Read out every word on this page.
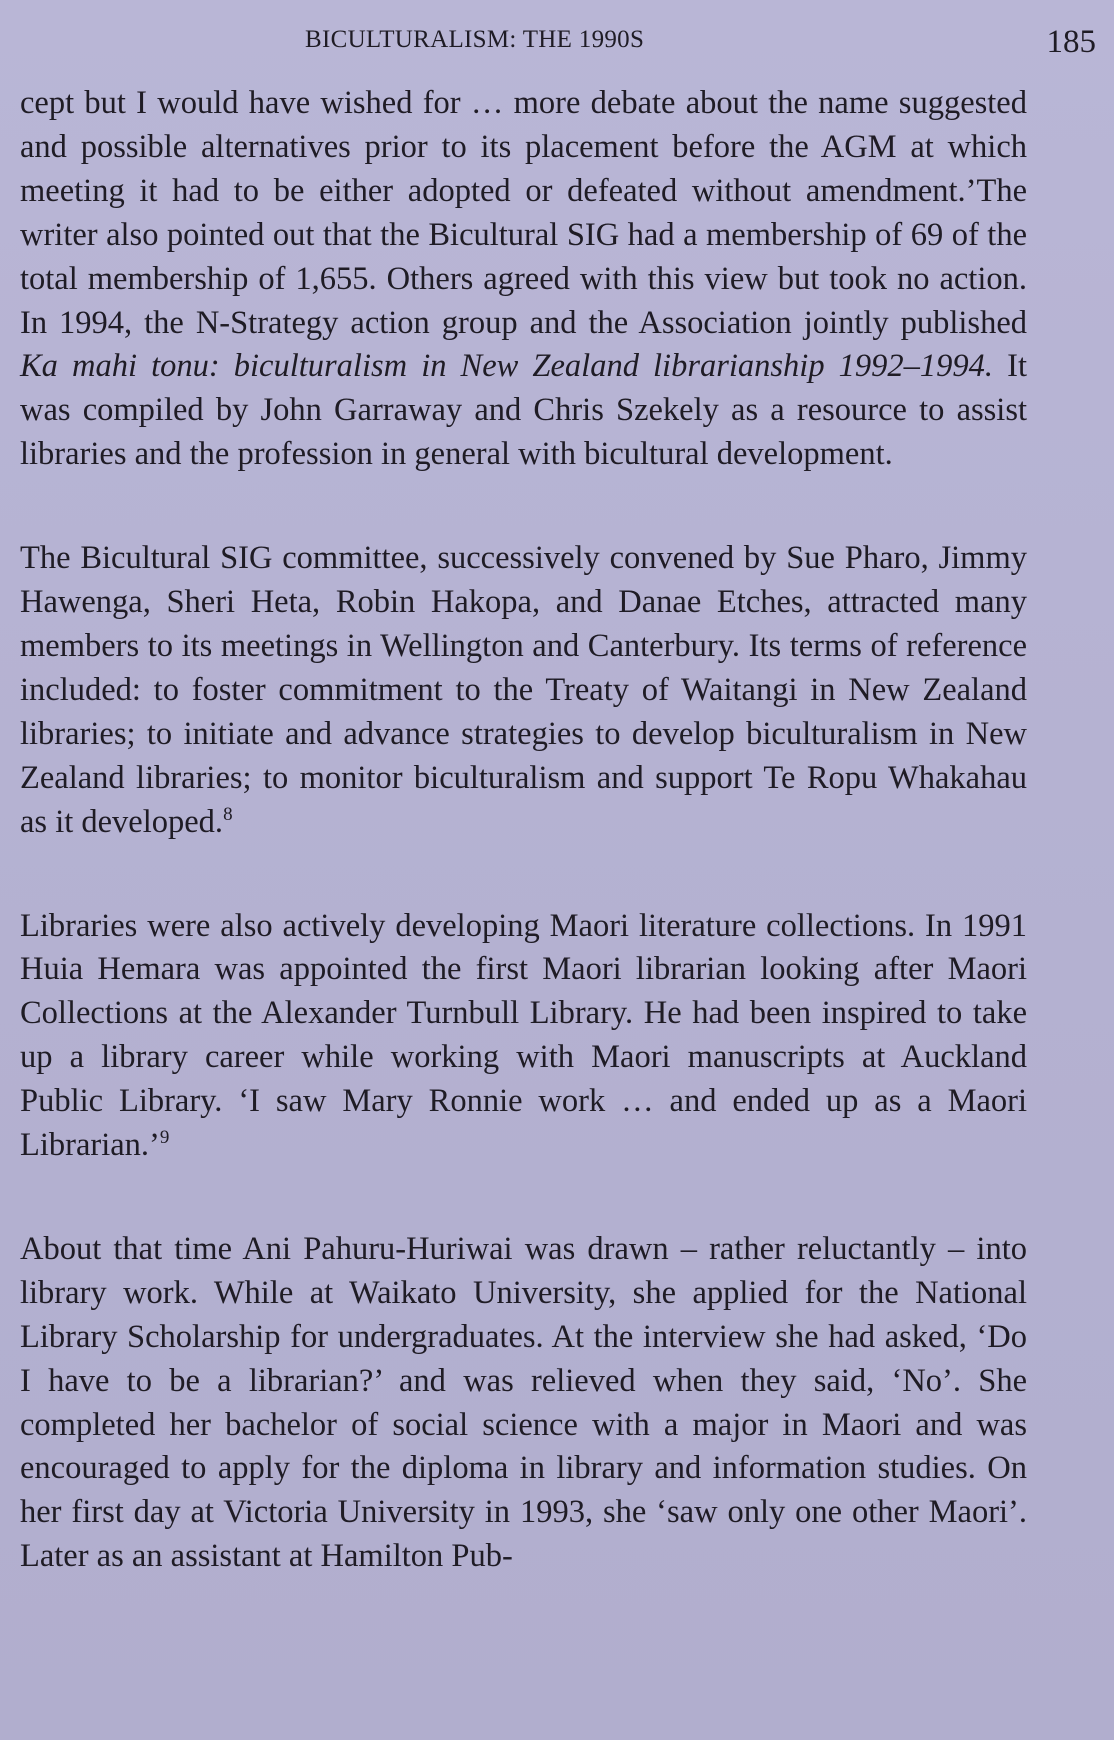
BICULTURALISM: THE 1990S	185

cept but I would have wished for … more debate about the name suggested and possible alternatives prior to its placement before the AGM at which meeting it had to be either adopted or defeated without amendment.’The writer also pointed out that the Bicultural SIG had a membership of 69 of the total membership of 1,655. Others agreed with this view but took no action. In 1994, the N-Strategy action group and the Association jointly published Ka mahi tonu: biculturalism in New Zealand librarianship 1992–1994. It was compiled by John Garraway and Chris Szekely as a resource to assist libraries and the profession in general with bicultural development.

The Bicultural SIG committee, successively convened by Sue Pharo, Jimmy Hawenga, Sheri Heta, Robin Hakopa, and Danae Etches, attracted many members to its meetings in Wellington and Canterbury. Its terms of reference included: to foster commitment to the Treaty of Waitangi in New Zealand libraries; to initiate and advance strategies to develop biculturalism in New Zealand libraries; to monitor biculturalism and support Te Ropu Whakahau as it developed.$^8$

Libraries were also actively developing Maori literature collections. In 1991 Huia Hemara was appointed the first Maori librarian looking after Maori Collections at the Alexander Turnbull Library. He had been inspired to take up a library career while working with Maori manuscripts at Auckland Public Library. ‘I saw Mary Ronnie work … and ended up as a Maori Librarian.’$^9$

About that time Ani Pahuru-Huriwai was drawn – rather reluctantly – into library work. While at Waikato University, she applied for the National Library Scholarship for undergraduates. At the interview she had asked, ‘Do I have to be a librarian?’ and was relieved when they said, ‘No’. She completed her bachelor of social science with a major in Maori and was encouraged to apply for the diploma in library and information studies. On her first day at Victoria University in 1993, she ‘saw only one other Maori’. Later as an assistant at Hamilton Pub-
